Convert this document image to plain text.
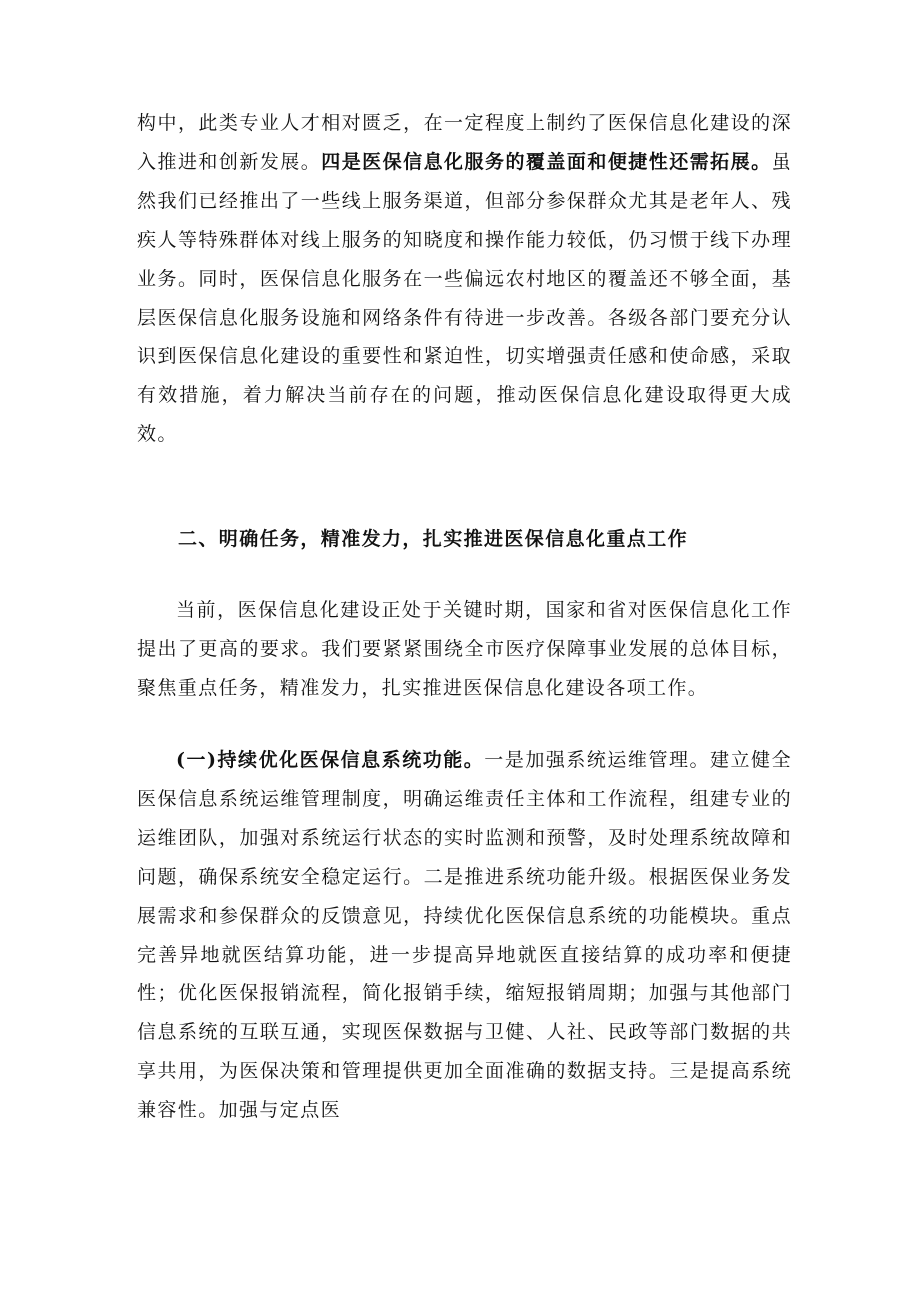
构中，此类专业人才相对匮乏，在一定程度上制约了医保信息化建设的深入推进和创新发展。四是医保信息化服务的覆盖面和便捷性还需拓展。虽然我们已经推出了一些线上服务渠道，但部分参保群众尤其是老年人、残疾人等特殊群体对线上服务的知晓度和操作能力较低，仍习惯于线下办理业务。同时，医保信息化服务在一些偏远农村地区的覆盖还不够全面，基层医保信息化服务设施和网络条件有待进一步改善。各级各部门要充分认识到医保信息化建设的重要性和紧迫性，切实增强责任感和使命感，采取有效措施，着力解决当前存在的问题，推动医保信息化建设取得更大成效。

二、明确任务，精准发力，扎实推进医保信息化重点工作

当前，医保信息化建设正处于关键时期，国家和省对医保信息化工作提出了更高的要求。我们要紧紧围绕全市医疗保障事业发展的总体目标，聚焦重点任务，精准发力，扎实推进医保信息化建设各项工作。

(一)持续优化医保信息系统功能。一是加强系统运维管理。建立健全医保信息系统运维管理制度，明确运维责任主体和工作流程，组建专业的运维团队，加强对系统运行状态的实时监测和预警，及时处理系统故障和问题，确保系统安全稳定运行。二是推进系统功能升级。根据医保业务发展需求和参保群众的反馈意见，持续优化医保信息系统的功能模块。重点完善异地就医结算功能，进一步提高异地就医直接结算的成功率和便捷性；优化医保报销流程，简化报销手续，缩短报销周期；加强与其他部门信息系统的互联互通，实现医保数据与卫健、人社、民政等部门数据的共享共用，为医保决策和管理提供更加全面准确的数据支持。三是提高系统兼容性。加强与定点医
